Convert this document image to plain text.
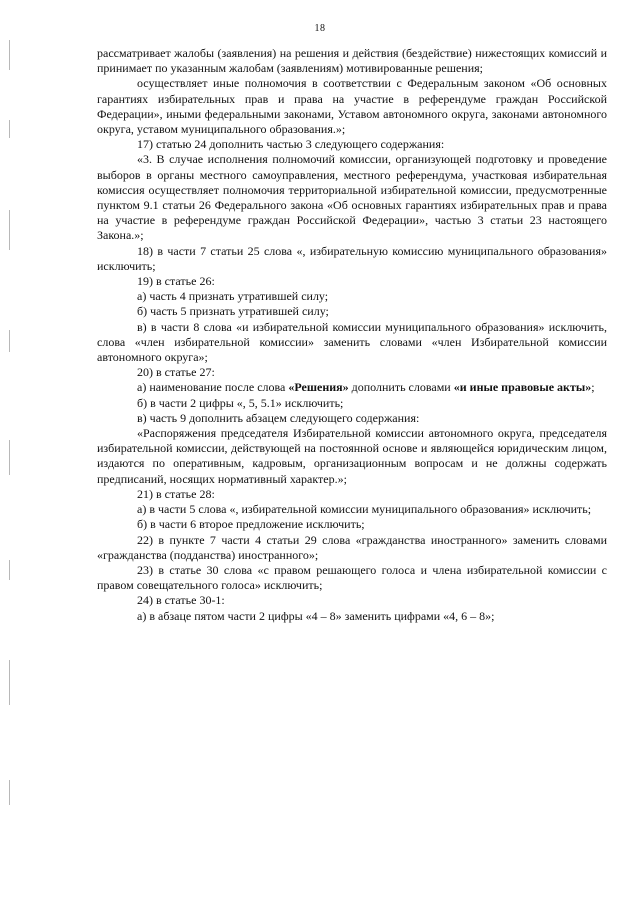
18

рассматривает жалобы (заявления) на решения и действия (бездействие) нижестоящих комиссий и принимает по указанным жалобам (заявлениям) мотивированные решения;

осуществляет иные полномочия в соответствии с Федеральным законом «Об основных гарантиях избирательных прав и права на участие в референдуме граждан Российской Федерации», иными федеральными законами, Уставом автономного округа, законами автономного округа, уставом муниципального образования.»;

17) статью 24 дополнить частью 3 следующего содержания:

«3. В случае исполнения полномочий комиссии, организующей подготовку и проведение выборов в органы местного самоуправления, местного референдума, участковая избирательная комиссия осуществляет полномочия территориальной избирательной комиссии, предусмотренные пунктом 9.1 статьи 26 Федерального закона «Об основных гарантиях избирательных прав и права на участие в референдуме граждан Российской Федерации», частью 3 статьи 23 настоящего Закона.»;

18) в части 7 статьи 25 слова «, избирательную комиссию муниципального образования» исключить;

19) в статье 26:

а) часть 4 признать утратившей силу;

б) часть 5 признать утратившей силу;

в) в части 8 слова «и избирательной комиссии муниципального образования» исключить, слова «член избирательной комиссии» заменить словами «член Избирательной комиссии автономного округа»;

20) в статье 27:

а) наименование после слова «Решения» дополнить словами «и иные правовые акты»;

б) в части 2 цифры «, 5, 5.1» исключить;

в) часть 9 дополнить абзацем следующего содержания:

«Распоряжения председателя Избирательной комиссии автономного округа, председателя избирательной комиссии, действующей на постоянной основе и являющейся юридическим лицом, издаются по оперативным, кадровым, организационным вопросам и не должны содержать предписаний, носящих нормативный характер.»;

21) в статье 28:

а) в части 5 слова «, избирательной комиссии муниципального образования» исключить;

б) в части 6 второе предложение исключить;

22) в пункте 7 части 4 статьи 29 слова «гражданства иностранного» заменить словами «гражданства (подданства) иностранного»;

23) в статье 30 слова «с правом решающего голоса и члена избирательной комиссии с правом совещательного голоса» исключить;

24) в статье 30-1:

а) в абзаце пятом части 2 цифры «4 – 8» заменить цифрами «4, 6 – 8»;
